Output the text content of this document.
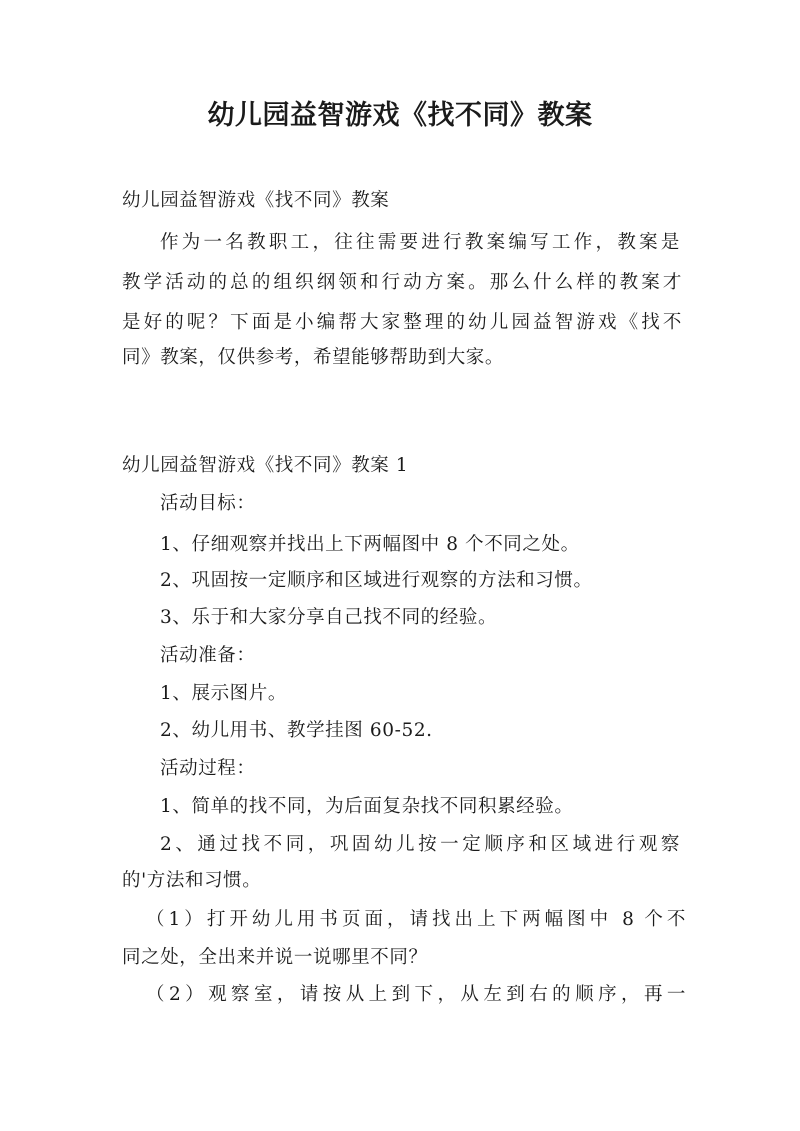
幼儿园益智游戏《找不同》教案
幼儿园益智游戏《找不同》教案
作为一名教职工，往往需要进行教案编写工作，教案是
教学活动的总的组织纲领和行动方案。那么什么样的教案才
是好的呢？下面是小编帮大家整理的幼儿园益智游戏《找不
同》教案，仅供参考，希望能够帮助到大家。
幼儿园益智游戏《找不同》教案 1
活动目标：
1、仔细观察并找出上下两幅图中 8 个不同之处。
2、巩固按一定顺序和区域进行观察的方法和习惯。
3、乐于和大家分享自己找不同的经验。
活动准备：
1、展示图片。
2、幼儿用书、教学挂图 60-52.
活动过程：
1、简单的找不同，为后面复杂找不同积累经验。
2、通过找不同，巩固幼儿按一定顺序和区域进行观察
的'方法和习惯。
（1）打开幼儿用书页面，请找出上下两幅图中 8 个不
同之处，全出来并说一说哪里不同？
（2）观察室，请按从上到下，从左到右的顺序，再一
